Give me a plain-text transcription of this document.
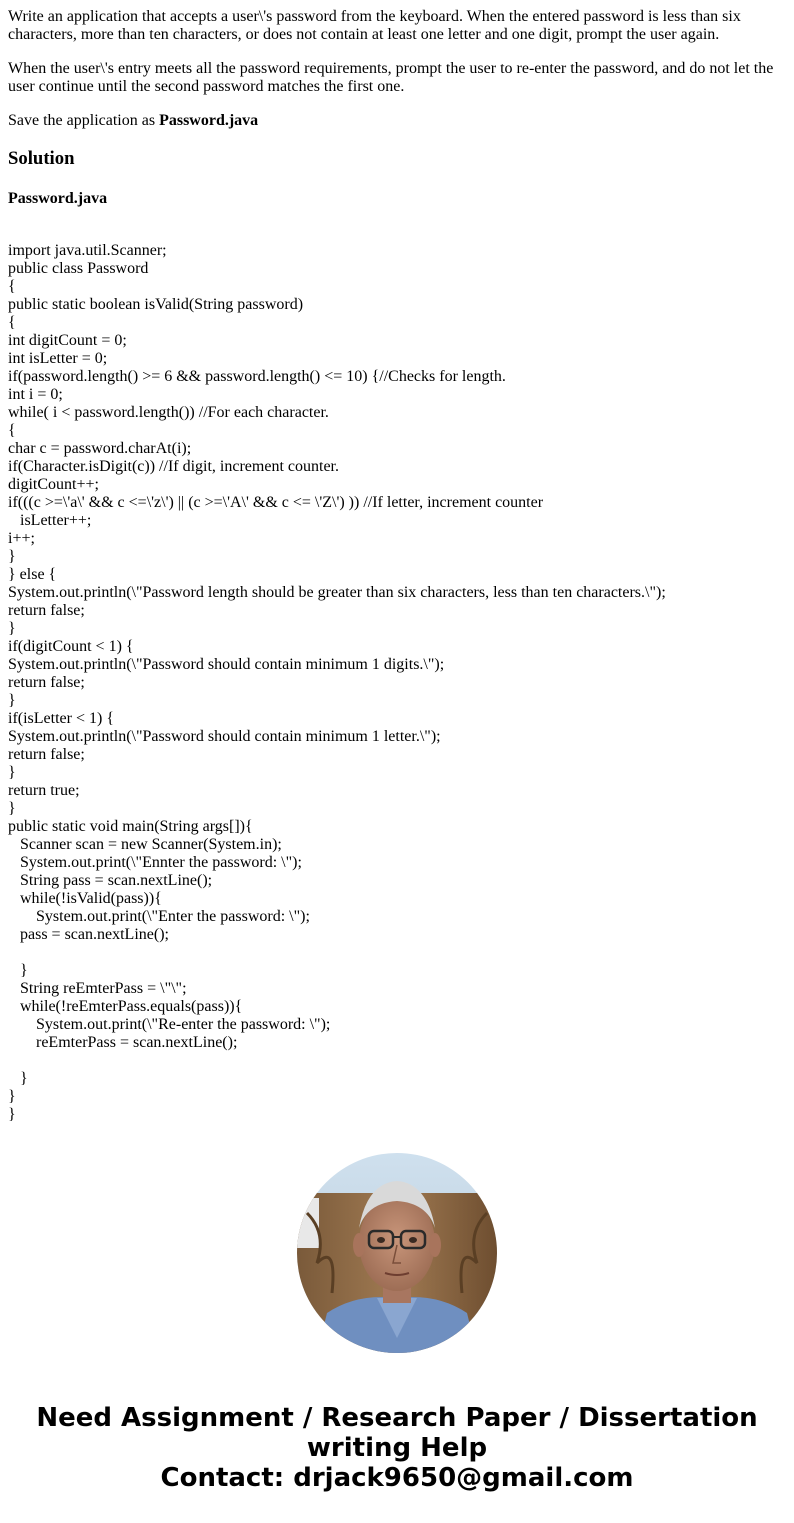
Write an application that accepts a user\'s password from the keyboard. When the entered password is less than six characters, more than ten characters, or does not contain at least one letter and one digit, prompt the user again.

When the user\'s entry meets all the password requirements, prompt the user to re-enter the password, and do not let the user continue until the second password matches the first one.

Save the application as Password.java

Solution
Password.java
import java.util.Scanner;
public class Password
{
public static boolean isValid(String password)
{
int digitCount = 0;
int isLetter = 0;
if(password.length() >= 6 && password.length() <= 10) {//Checks for length.
int i = 0;
while( i < password.length()) //For each character.
{
char c = password.charAt(i);
if(Character.isDigit(c)) //If digit, increment counter.
digitCount++;
if(((c >=\'a\' && c <=\'z\') || (c >=\'A\' && c <= \'Z\') )) //If letter, increment counter
isLetter++;
i++;
}
} else {
System.out.println(\"Password length should be greater than six characters, less than ten characters.\");
return false;
}
if(digitCount < 1) {
System.out.println(\"Password should contain minimum 1 digits.\");
return false;
}
if(isLetter < 1) {
System.out.println(\"Password should contain minimum 1 letter.\");
return false;
}
return true;
}
public static void main(String args[]){
Scanner scan = new Scanner(System.in);
System.out.print(\"Ennter the password: \");
String pass = scan.nextLine();
while(!isValid(pass)){
System.out.print(\"Enter the password: \");
pass = scan.nextLine();
}
String reEmterPass = \"\";
while(!reEmterPass.equals(pass)){
System.out.print(\"Re-enter the password: \");
reEmterPass = scan.nextLine();
}
}
}
Need Assignment / Research Paper / Dissertation
writing Help
Contact: drjack9650@gmail.com
